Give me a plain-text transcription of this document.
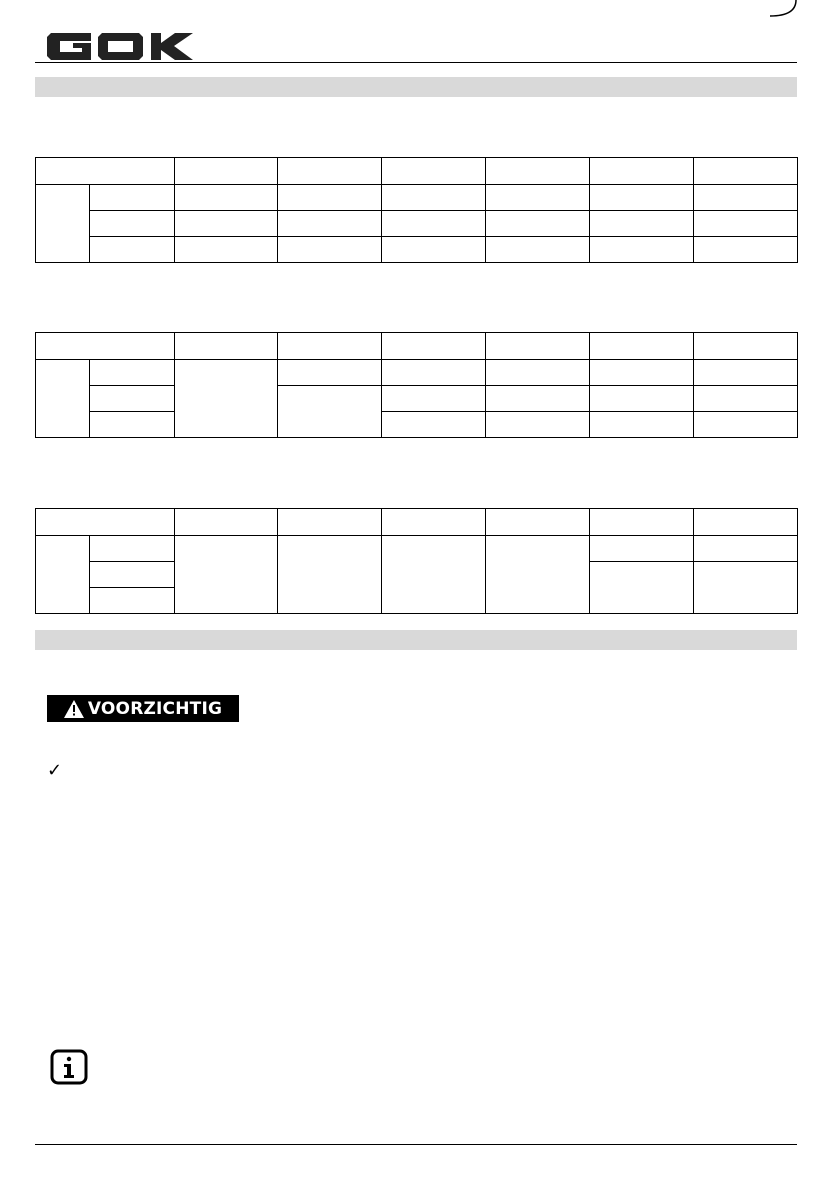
VOORZICHTIG
✓
